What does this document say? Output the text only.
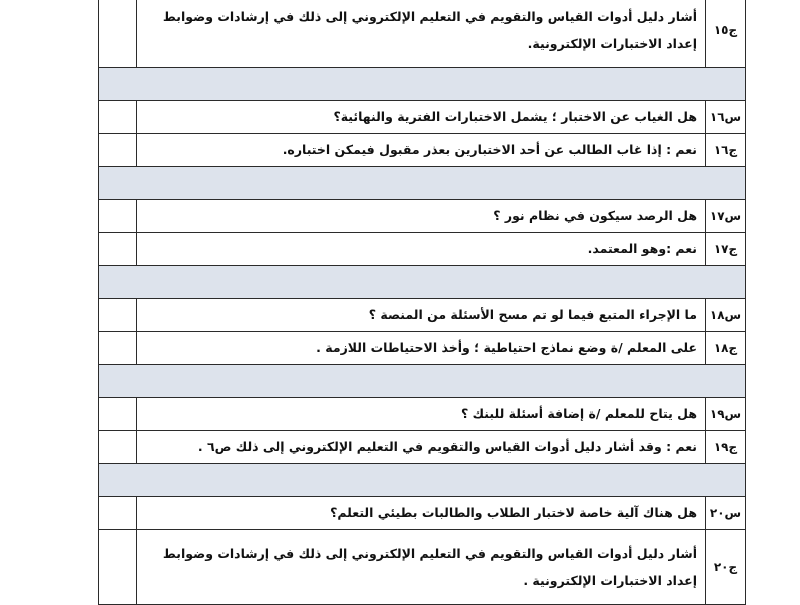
ج١٥	أشار دليل أدوات القياس والتقويم في التعليم الإلكتروني إلى ذلك في إرشادات وضوابط إعداد الاختبارات الإلكترونية.	

س١٦	هل الغياب عن الاختبار ؛ يشمل الاختبارات الفترية والنهائية؟	
ج١٦	نعم : إذا غاب الطالب عن أحد الاختبارين بعذر مقبول فيمكن اختباره.	

س١٧	هل الرصد سيكون في نظام نور ؟	
ج١٧	نعم :وهو المعتمد.	

س١٨	ما الإجراء المتبع فيما لو تم مسح الأسئلة من المنصة ؟	
ج١٨	على المعلم /ة وضع نماذج احتياطية ؛ وأخذ الاحتياطات اللازمة .	

س١٩	هل يتاح للمعلم /ة إضافة أسئلة للبنك ؟	
ج١٩	نعم : وقد أشار دليل أدوات القياس والتقويم في التعليم الإلكتروني إلى ذلك ص٦ .	

س٢٠	هل هناك آلية خاصة لاختبار الطلاب والطالبات بطيئي التعلم؟	
ج٢٠	أشار دليل أدوات القياس والتقويم في التعليم الإلكتروني إلى ذلك في إرشادات وضوابط إعداد الاختبارات الإلكترونية .	
